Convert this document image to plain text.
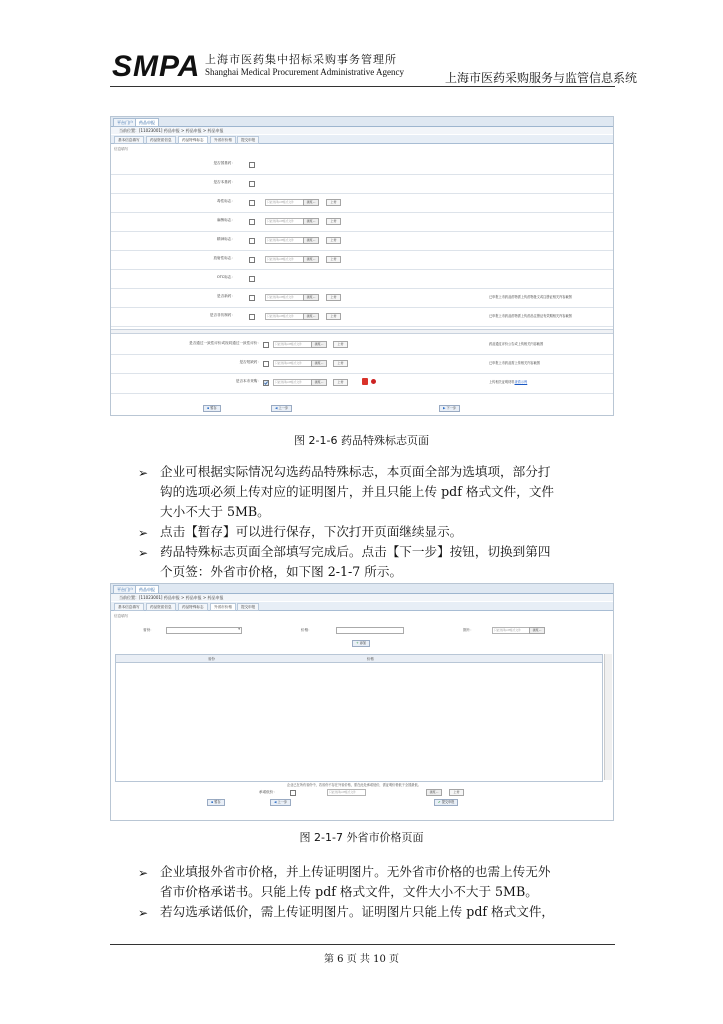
SMPA 上海市医药集中招标采购事务管理所
Shanghai Medical Procurement Administrative Agency	上海市医药采购服务与监管信息系统
平台门户	药品申报
当前位置：[11023001] 药品申报 > 药品申报 > 药品申报
基本信息填写	药品资质信息	药品特殊标志	外省市价格	提交申报
信息填写
是否国基药：
是否本基药：
毒性标志：	只能选择pdf格式文件	浏览...	上传
麻醉标志：	只能选择pdf格式文件	浏览...	上传
精神标志：	只能选择pdf格式文件	浏览...	上传
放射性标志：	只能选择pdf格式文件	浏览...	上传
OTC标志：
是否新药：	只能选择pdf格式文件	浏览...	上传	已申报上市药品药物需上传药物批文或注册证相关内容截图
是否非仿制药：	只能选择pdf格式文件	浏览...	上传	已申报上市药品药物需上传药品注册证有效期相关内容截图
是否通过一致性评价或视同通过一致性评价：	只能选择pdf格式文件	浏览...	上传	药品通过评价公告或上传相关内容截图
是否短缺药：	只能选择pdf格式文件	浏览...	上传	已申报上市药品需上传相关内容截图
是否本市采购：	只能选择pdf格式文件	浏览...	上传	上传相关证明材料查看示例
▪ 暂存	◀ 上一步	▶ 下一步
图 2-1-6 药品特殊标志页面
➢ 企业可根据实际情况勾选药品特殊标志，本页面全部为选填项，部分打
钩的选项必须上传对应的证明图片，并且只能上传 pdf 格式文件，文件
大小不大于 5MB。
➢ 点击【暂存】可以进行保存，下次打开页面继续显示。
➢ 药品特殊标志页面全部填写完成后。点击【下一步】按钮，切换到第四
个页签：外省市价格，如下图 2-1-7 所示。
平台门户	药品申报
当前位置：[11023001] 药品申报 > 药品申报 > 药品申报
基本信息填写	药品资质信息	药品特殊标志	外省市价格	提交申报
信息填写
省份：	▾	价格：	图片：	只能选择pdf格式文件	浏览...
+ 添加
省份	价格
企业已在所有省份中，若省份不存在外省价格，需在此处承诺低价，需证明价格低于全国最低。
承诺低价：	只能选择pdf格式文件	浏览...	上传
▪ 暂存	◀ 上一步	✔ 提交申报
图 2-1-7 外省市价格页面
➢ 企业填报外省市价格，并上传证明图片。无外省市价格的也需上传无外
省市价格承诺书。只能上传 pdf 格式文件，文件大小不大于 5MB。
➢ 若勾选承诺低价，需上传证明图片。证明图片只能上传 pdf 格式文件，
第 6 页 共 10 页
